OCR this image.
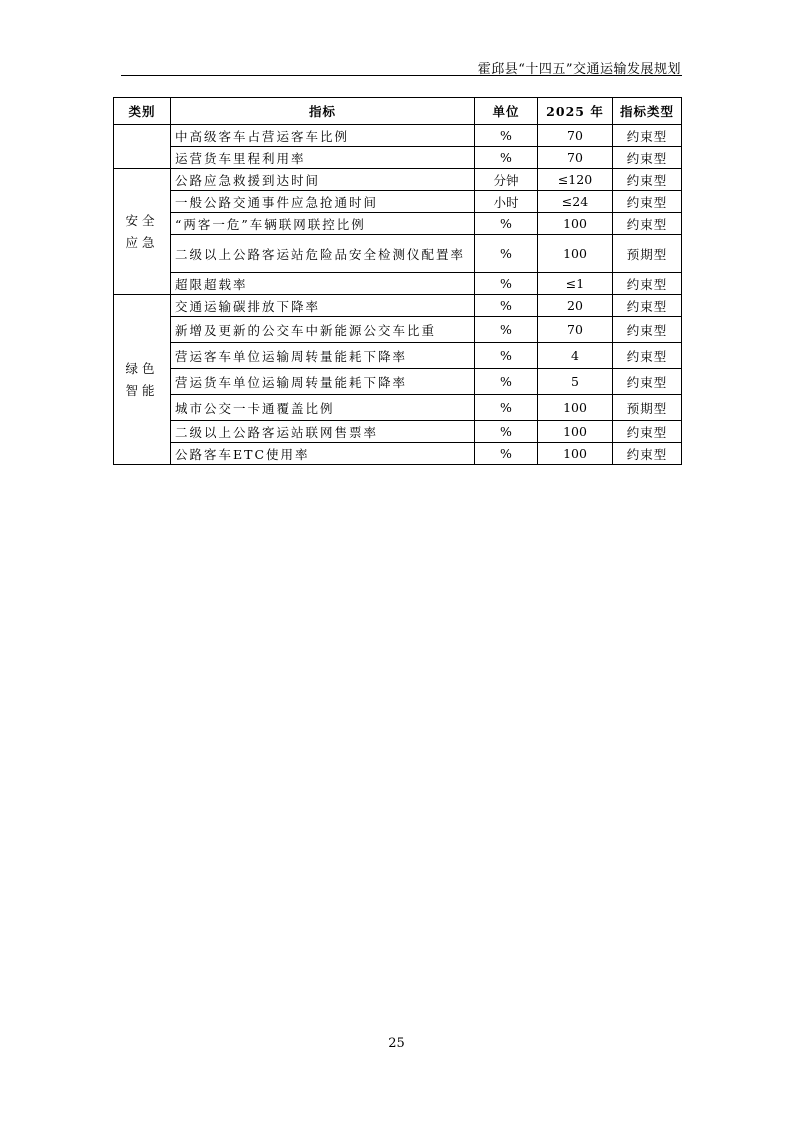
霍邱县“十四五”交通运输发展规划
类别	指标	单位	2025 年	指标类型
	中高级客车占营运客车比例	%	70	约束型
	运营货车里程利用率	%	70	约束型
安全应急	公路应急救援到达时间	分钟	≤120	约束型
	一般公路交通事件应急抢通时间	小时	≤24	约束型
	“两客一危”车辆联网联控比例	%	100	约束型
	二级以上公路客运站危险品安全检测仪配置率	%	100	预期型
	超限超载率	%	≤1	约束型
绿色智能	交通运输碳排放下降率	%	20	约束型
	新增及更新的公交车中新能源公交车比重	%	70	约束型
	营运客车单位运输周转量能耗下降率	%	4	约束型
	营运货车单位运输周转量能耗下降率	%	5	约束型
	城市公交一卡通覆盖比例	%	100	预期型
	二级以上公路客运站联网售票率	%	100	约束型
	公路客车ETC使用率	%	100	约束型
25
